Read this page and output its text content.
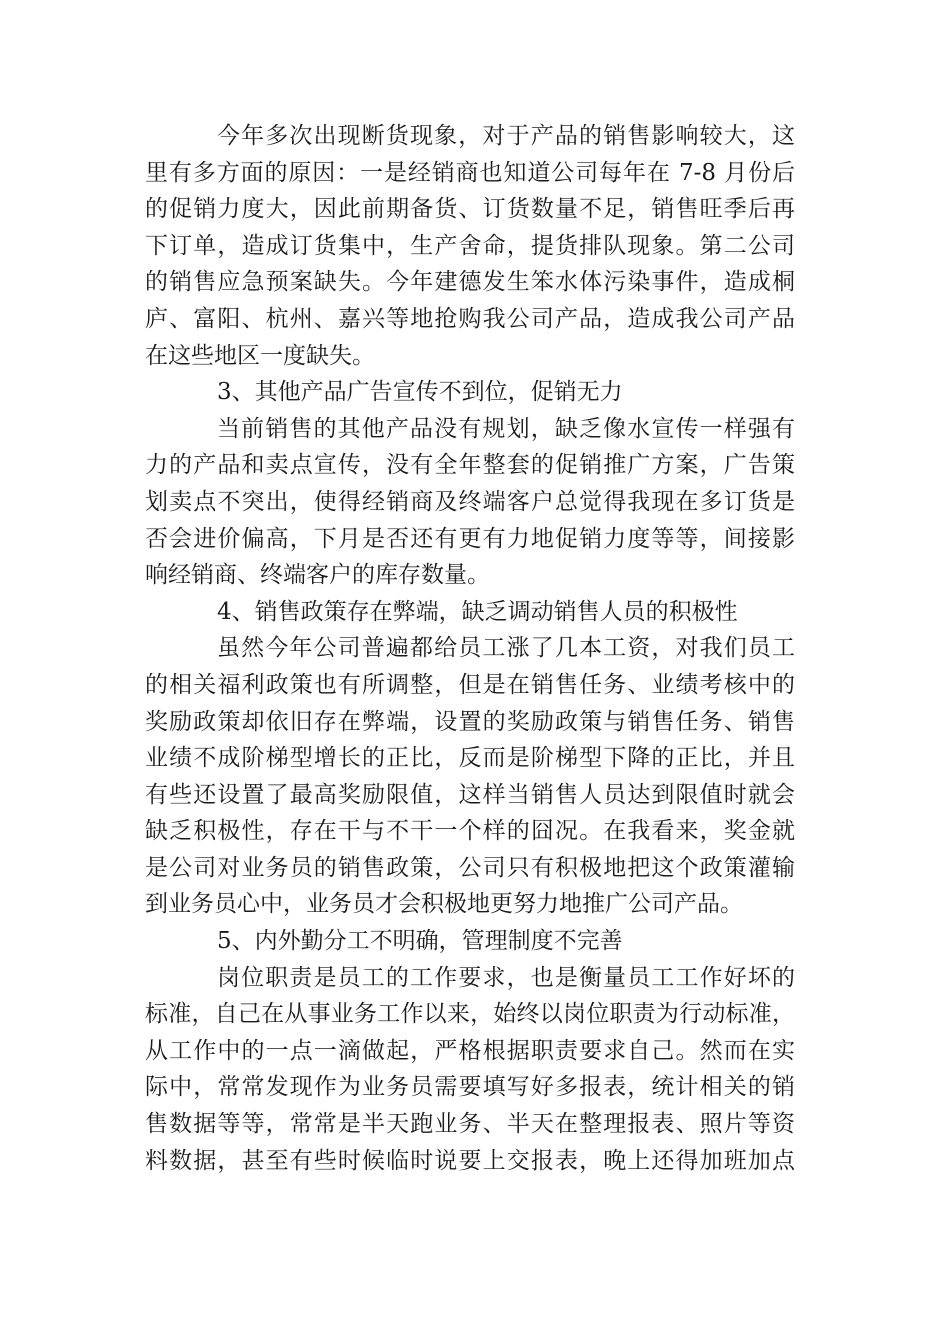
今年多次出现断货现象，对于产品的销售影响较大，这
里有多方面的原因：一是经销商也知道公司每年在 7-8 月份后
的促销力度大，因此前期备货、订货数量不足，销售旺季后再
下订单，造成订货集中，生产舍命，提货排队现象。第二公司
的销售应急预案缺失。今年建德发生笨水体污染事件，造成桐
庐、富阳、杭州、嘉兴等地抢购我公司产品，造成我公司产品
在这些地区一度缺失。
3、其他产品广告宣传不到位，促销无力
当前销售的其他产品没有规划，缺乏像水宣传一样强有
力的产品和卖点宣传，没有全年整套的促销推广方案，广告策
划卖点不突出，使得经销商及终端客户总觉得我现在多订货是
否会进价偏高，下月是否还有更有力地促销力度等等，间接影
响经销商、终端客户的库存数量。
4、销售政策存在弊端，缺乏调动销售人员的积极性
虽然今年公司普遍都给员工涨了几本工资，对我们员工
的相关福利政策也有所调整，但是在销售任务、业绩考核中的
奖励政策却依旧存在弊端，设置的奖励政策与销售任务、销售
业绩不成阶梯型增长的正比，反而是阶梯型下降的正比，并且
有些还设置了最高奖励限值，这样当销售人员达到限值时就会
缺乏积极性，存在干与不干一个样的囧况。在我看来，奖金就
是公司对业务员的销售政策，公司只有积极地把这个政策灌输
到业务员心中，业务员才会积极地更努力地推广公司产品。
5、内外勤分工不明确，管理制度不完善
岗位职责是员工的工作要求，也是衡量员工工作好坏的
标准，自己在从事业务工作以来，始终以岗位职责为行动标准，
从工作中的一点一滴做起，严格根据职责要求自己。然而在实
际中，常常发现作为业务员需要填写好多报表，统计相关的销
售数据等等，常常是半天跑业务、半天在整理报表、照片等资
料数据，甚至有些时候临时说要上交报表，晚上还得加班加点
